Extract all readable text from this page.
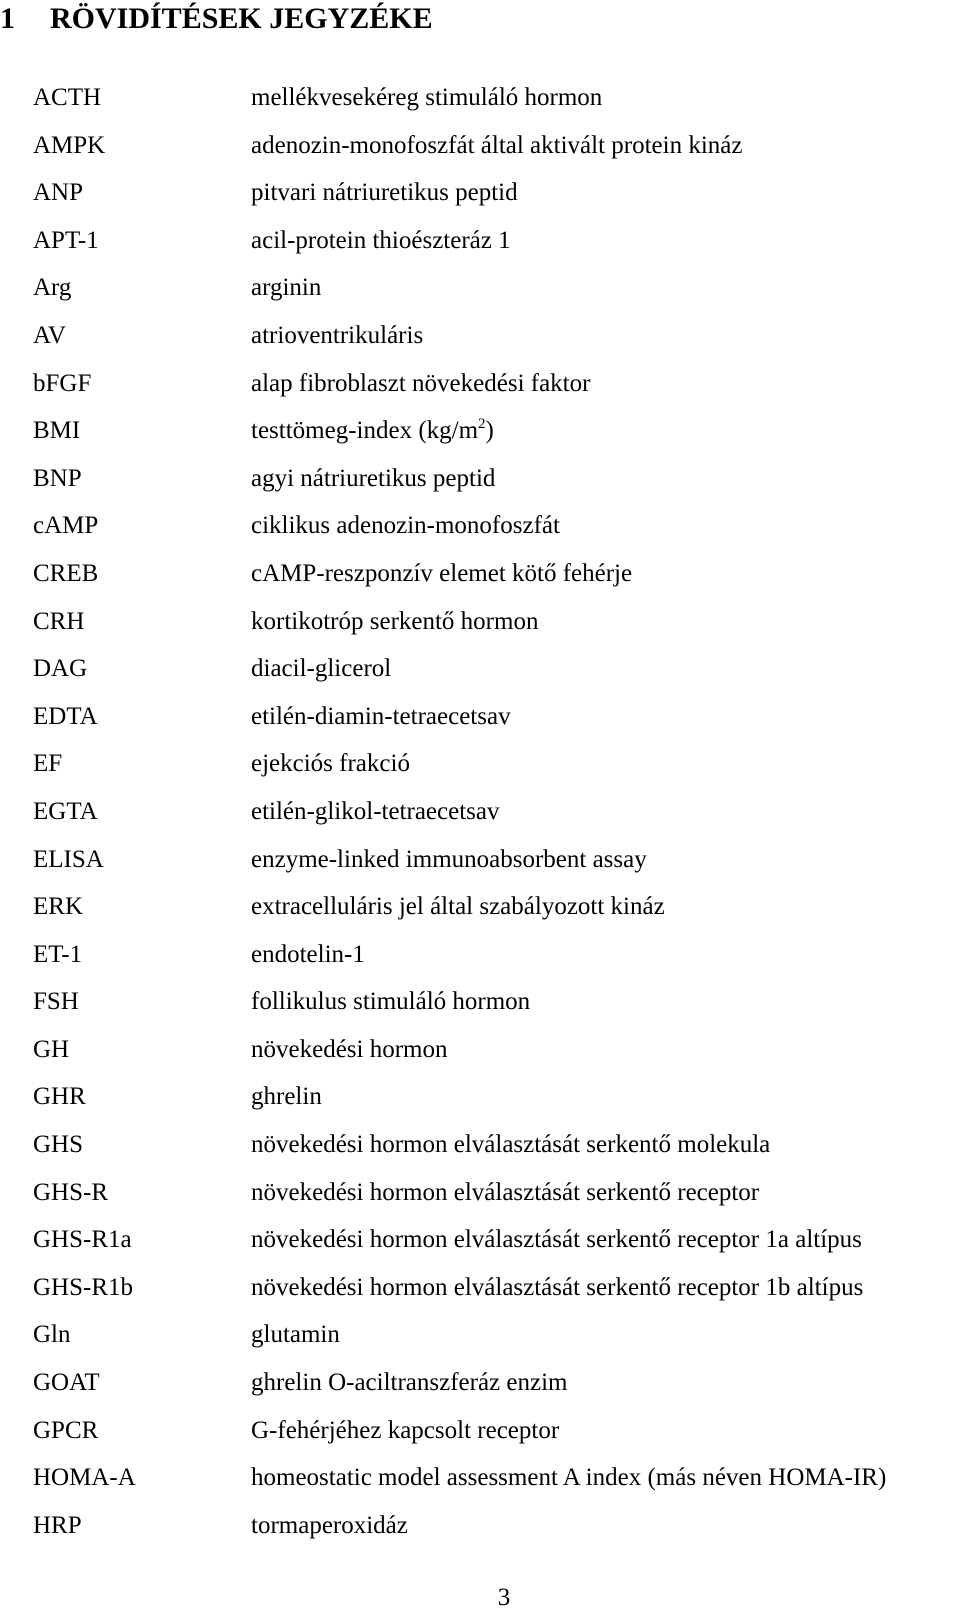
1 RÖVIDÍTÉSEK JEGYZÉKE
ACTH	mellékvesekéreg stimuláló hormon
AMPK	adenozin-monofoszfát által aktivált protein kináz
ANP	pitvari nátriuretikus peptid
APT-1	acil-protein thioészteráz 1
Arg	arginin
AV	atrioventrikuláris
bFGF	alap fibroblaszt növekedési faktor
BMI	testtömeg-index $(kg/m^2)$
BNP	agyi nátriuretikus peptid
cAMP	ciklikus adenozin-monofoszfát
CREB	cAMP-reszponzív elemet kötő fehérje
CRH	kortikotróp serkentő hormon
DAG	diacil-glicerol
EDTA	etilén-diamin-tetraecetsav
EF	ejekciós frakció
EGTA	etilén-glikol-tetraecetsav
ELISA	enzyme-linked immunoabsorbent assay
ERK	extracelluláris jel által szabályozott kináz
ET-1	endotelin-1
FSH	follikulus stimuláló hormon
GH	növekedési hormon
GHR	ghrelin
GHS	növekedési hormon elválasztását serkentő molekula
GHS-R	növekedési hormon elválasztását serkentő receptor
GHS-R1a	növekedési hormon elválasztását serkentő receptor 1a altípus
GHS-R1b	növekedési hormon elválasztását serkentő receptor 1b altípus
Gln	glutamin
GOAT	ghrelin O-aciltranszferáz enzim
GPCR	G-fehérjéhez kapcsolt receptor
HOMA-A	homeostatic model assessment A index (más néven HOMA-IR)
HRP	tormaperoxidáz
3
